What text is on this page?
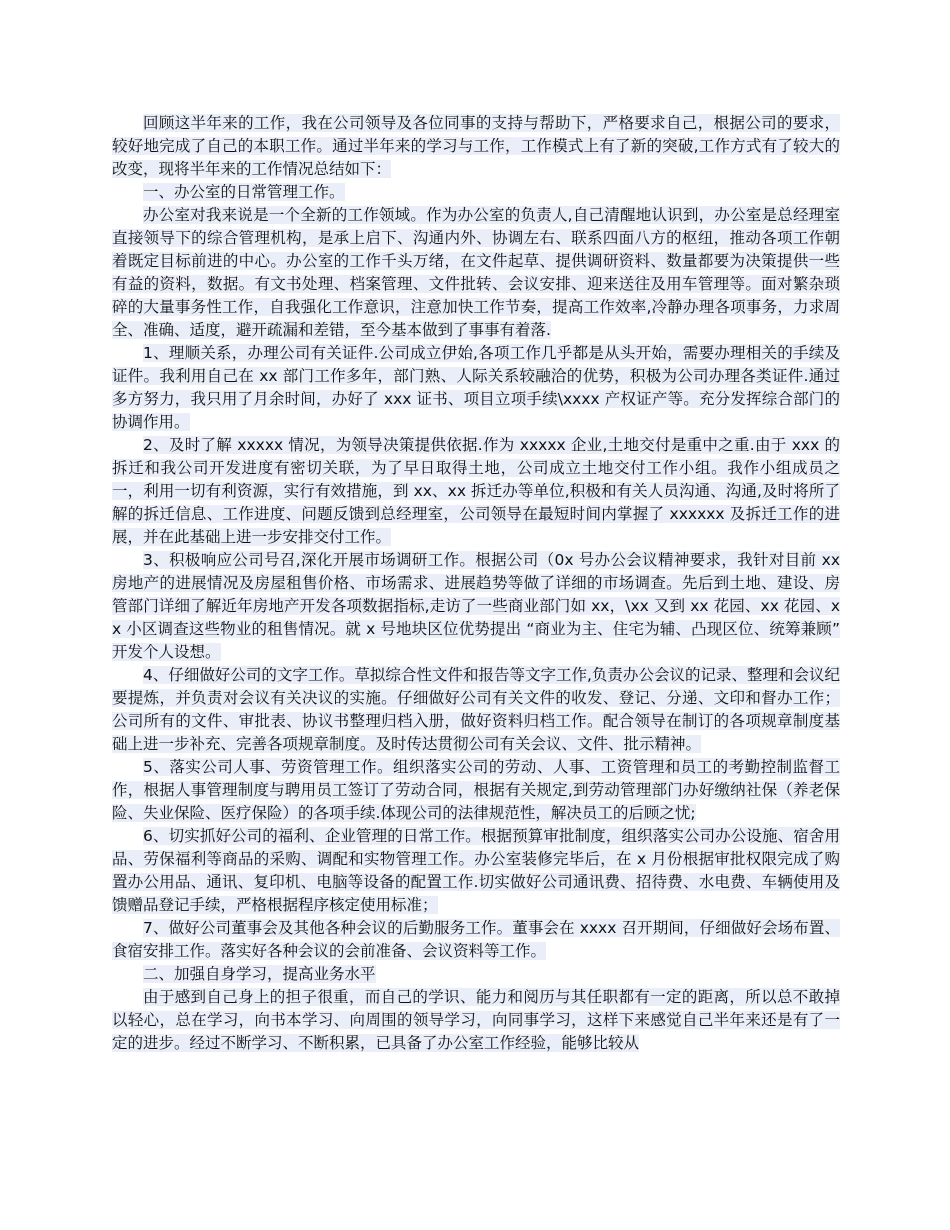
回顾这半年来的工作，我在公司领导及各位同事的支持与帮助下，严格要求自己，根据公司的要求，较好地完成了自己的本职工作。通过半年来的学习与工作，工作模式上有了新的突破,工作方式有了较大的改变，现将半年来的工作情况总结如下：

一、办公室的日常管理工作。

办公室对我来说是一个全新的工作领域。作为办公室的负责人,自己清醒地认识到，办公室是总经理室直接领导下的综合管理机构，是承上启下、沟通内外、协调左右、联系四面八方的枢纽，推动各项工作朝着既定目标前进的中心。办公室的工作千头万绪，在文件起草、提供调研资料、数量都要为决策提供一些有益的资料，数据。有文书处理、档案管理、文件批转、会议安排、迎来送往及用车管理等。面对繁杂琐碎的大量事务性工作，自我强化工作意识，注意加快工作节奏，提高工作效率,冷静办理各项事务，力求周全、准确、适度，避开疏漏和差错，至今基本做到了事事有着落.

1、理顺关系，办理公司有关证件.公司成立伊始,各项工作几乎都是从头开始，需要办理相关的手续及证件。我利用自己在 xx 部门工作多年，部门熟、人际关系较融洽的优势，积极为公司办理各类证件.通过多方努力，我只用了月余时间，办好了 xxx 证书、项目立项手续\xxxx 产权证产等。充分发挥综合部门的协调作用。

2、及时了解 xxxxx 情况，为领导决策提供依据.作为 xxxxx 企业,土地交付是重中之重.由于 xxx 的拆迁和我公司开发进度有密切关联，为了早日取得土地，公司成立土地交付工作小组。我作小组成员之一，利用一切有利资源，实行有效措施，到 xx、xx 拆迁办等单位,积极和有关人员沟通、沟通,及时将所了解的拆迁信息、工作进度、问题反馈到总经理室，公司领导在最短时间内掌握了 xxxxxx 及拆迁工作的进展，并在此基础上进一步安排交付工作。

3、积极响应公司号召,深化开展市场调研工作。根据公司（0x 号办公会议精神要求，我针对目前 xx 房地产的进展情况及房屋租售价格、市场需求、进展趋势等做了详细的市场调查。先后到土地、建设、房管部门详细了解近年房地产开发各项数据指标,走访了一些商业部门如 xx，\xx 又到 xx 花园、xx 花园、xx 小区调查这些物业的租售情况。就 x 号地块区位优势提出 “商业为主、住宅为辅、凸现区位、统筹兼顾” 开发个人设想。

4、仔细做好公司的文字工作。草拟综合性文件和报告等文字工作,负责办公会议的记录、整理和会议纪要提炼，并负责对会议有关决议的实施。仔细做好公司有关文件的收发、登记、分递、文印和督办工作；公司所有的文件、审批表、协议书整理归档入册，做好资料归档工作。配合领导在制订的各项规章制度基础上进一步补充、完善各项规章制度。及时传达贯彻公司有关会议、文件、批示精神。

5、落实公司人事、劳资管理工作。组织落实公司的劳动、人事、工资管理和员工的考勤控制监督工作，根据人事管理制度与聘用员工签订了劳动合同，根据有关规定,到劳动管理部门办好缴纳社保（养老保险、失业保险、医疗保险）的各项手续.体现公司的法律规范性，解决员工的后顾之忧;

6、切实抓好公司的福利、企业管理的日常工作。根据预算审批制度，组织落实公司办公设施、宿舍用品、劳保福利等商品的采购、调配和实物管理工作。办公室装修完毕后，在 x 月份根据审批权限完成了购置办公用品、通讯、复印机、电脑等设备的配置工作.切实做好公司通讯费、招待费、水电费、车辆使用及馈赠品登记手续，严格根据程序核定使用标准；

7、做好公司董事会及其他各种会议的后勤服务工作。董事会在 xxxx 召开期间，仔细做好会场布置、食宿安排工作。落实好各种会议的会前准备、会议资料等工作。

二、加强自身学习，提高业务水平

由于感到自己身上的担子很重，而自己的学识、能力和阅历与其任职都有一定的距离，所以总不敢掉以轻心，总在学习，向书本学习、向周围的领导学习，向同事学习，这样下来感觉自己半年来还是有了一定的进步。经过不断学习、不断积累，已具备了办公室工作经验，能够比较从
